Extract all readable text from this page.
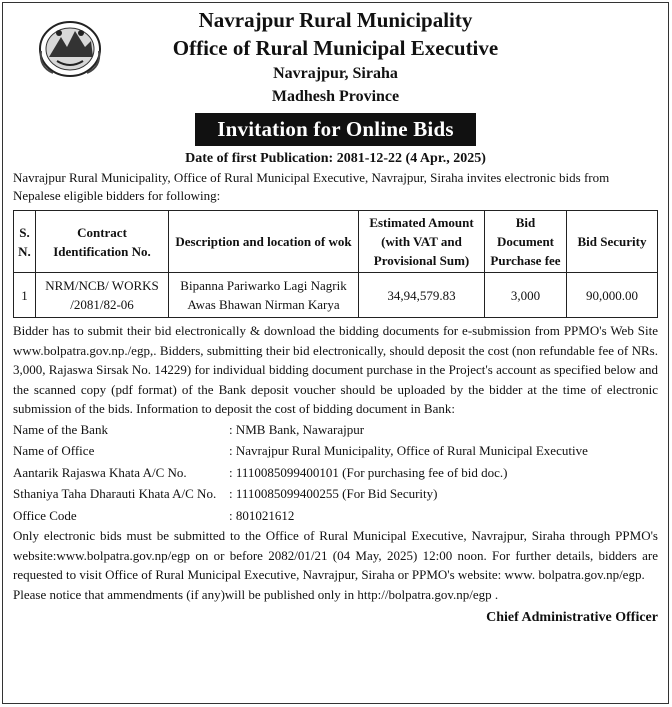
Navrajpur Rural Municipality
Office of Rural Municipal Executive
Navrajpur, Siraha
Madhesh Province
Invitation for Online Bids
Date of first Publication: 2081-12-22 (4 Apr., 2025)
Navrajpur Rural Municipality, Office of Rural Municipal Executive, Navrajpur, Siraha invites electronic bids from Nepalese eligible bidders for following:
S. N.	Contract Identification No.	Description and location of wok	Estimated Amount (with VAT and Provisional Sum)	Bid Document Purchase fee	Bid Security
1	NRM/NCB/ WORKS /2081/82-06	Bipanna Pariwarko Lagi Nagrik Awas Bhawan Nirman Karya	34,94,579.83	3,000	90,000.00
Bidder has to submit their bid electronically & download the bidding documents for e-submission from PPMO's Web Site www.bolpatra.gov.np./egp,. Bidders, submitting their bid electronically, should deposit the cost (non refundable fee of NRs. 3,000, Rajaswa Sirsak No. 14229) for individual bidding document purchase in the Project's account as specified below and the scanned copy (pdf format) of the Bank deposit voucher should be uploaded by the bidder at the time of electronic submission of the bids. Information to deposit the cost of bidding document in Bank:
Name of the Bank	: NMB Bank, Nawarajpur
Name of Office	: Navrajpur Rural Municipality, Office of Rural Municipal Executive
Aantarik Rajaswa Khata A/C No.	: 1110085099400101 (For purchasing fee of bid doc.)
Sthaniya Taha Dharauti Khata A/C No. : 1110085099400255 (For Bid Security)
Office Code	: 801021612
Only electronic bids must be submitted to the Office of Rural Municipal Executive, Navrajpur, Siraha through PPMO's website:www.bolpatra.gov.np/egp on or before 2082/01/21 (04 May, 2025) 12:00 noon. For further details, bidders are requested to visit Office of Rural Municipal Executive, Navrajpur, Siraha or PPMO's website: www. bolpatra.gov.np/egp.
Please notice that ammendments (if any)will be published only in http://bolpatra.gov.np/egp .
Chief Administrative Officer
